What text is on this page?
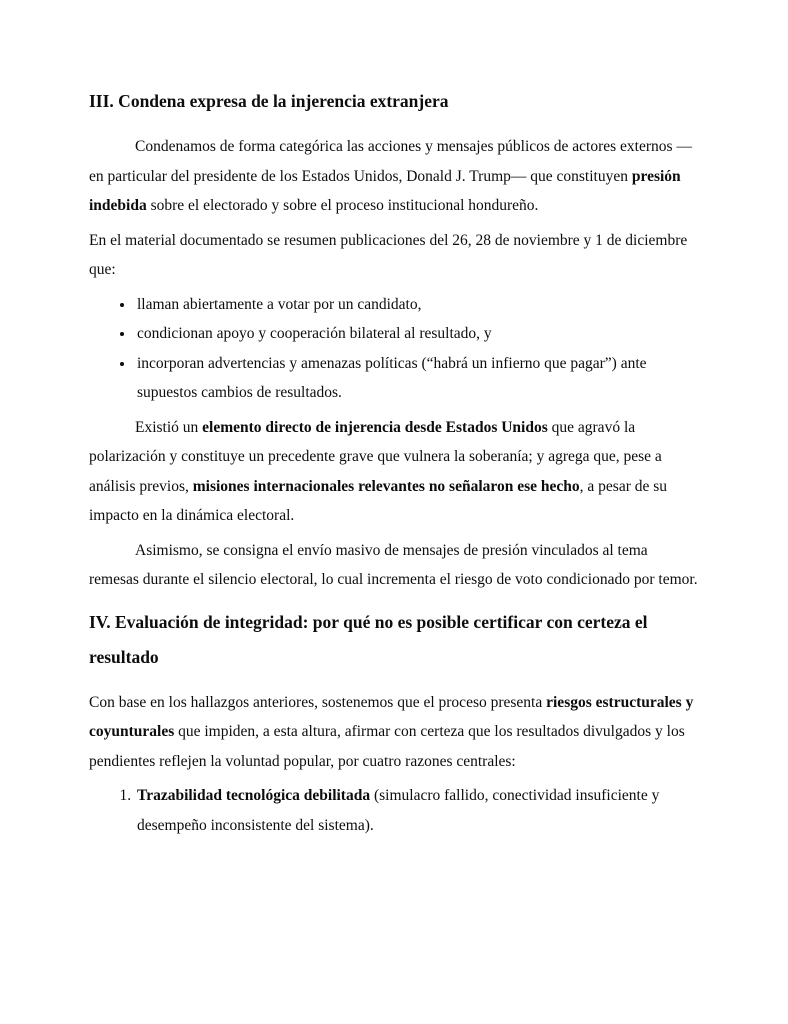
III. Condena expresa de la injerencia extranjera

Condenamos de forma categórica las acciones y mensajes públicos de actores externos — en particular del presidente de los Estados Unidos, Donald J. Trump— que constituyen presión indebida sobre el electorado y sobre el proceso institucional hondureño.

En el material documentado se resumen publicaciones del 26, 28 de noviembre y 1 de diciembre que:

• llaman abiertamente a votar por un candidato,
• condicionan apoyo y cooperación bilateral al resultado, y
• incorporan advertencias y amenazas políticas (“habrá un infierno que pagar”) ante supuestos cambios de resultados.

Existió un elemento directo de injerencia desde Estados Unidos que agravó la polarización y constituye un precedente grave que vulnera la soberanía; y agrega que, pese a análisis previos, misiones internacionales relevantes no señalaron ese hecho, a pesar de su impacto en la dinámica electoral.

Asimismo, se consigna el envío masivo de mensajes de presión vinculados al tema remesas durante el silencio electoral, lo cual incrementa el riesgo de voto condicionado por temor.

IV. Evaluación de integridad: por qué no es posible certificar con certeza el resultado

Con base en los hallazgos anteriores, sostenemos que el proceso presenta riesgos estructurales y coyunturales que impiden, a esta altura, afirmar con certeza que los resultados divulgados y los pendientes reflejen la voluntad popular, por cuatro razones centrales:

1. Trazabilidad tecnológica debilitada (simulacro fallido, conectividad insuficiente y desempeño inconsistente del sistema).
